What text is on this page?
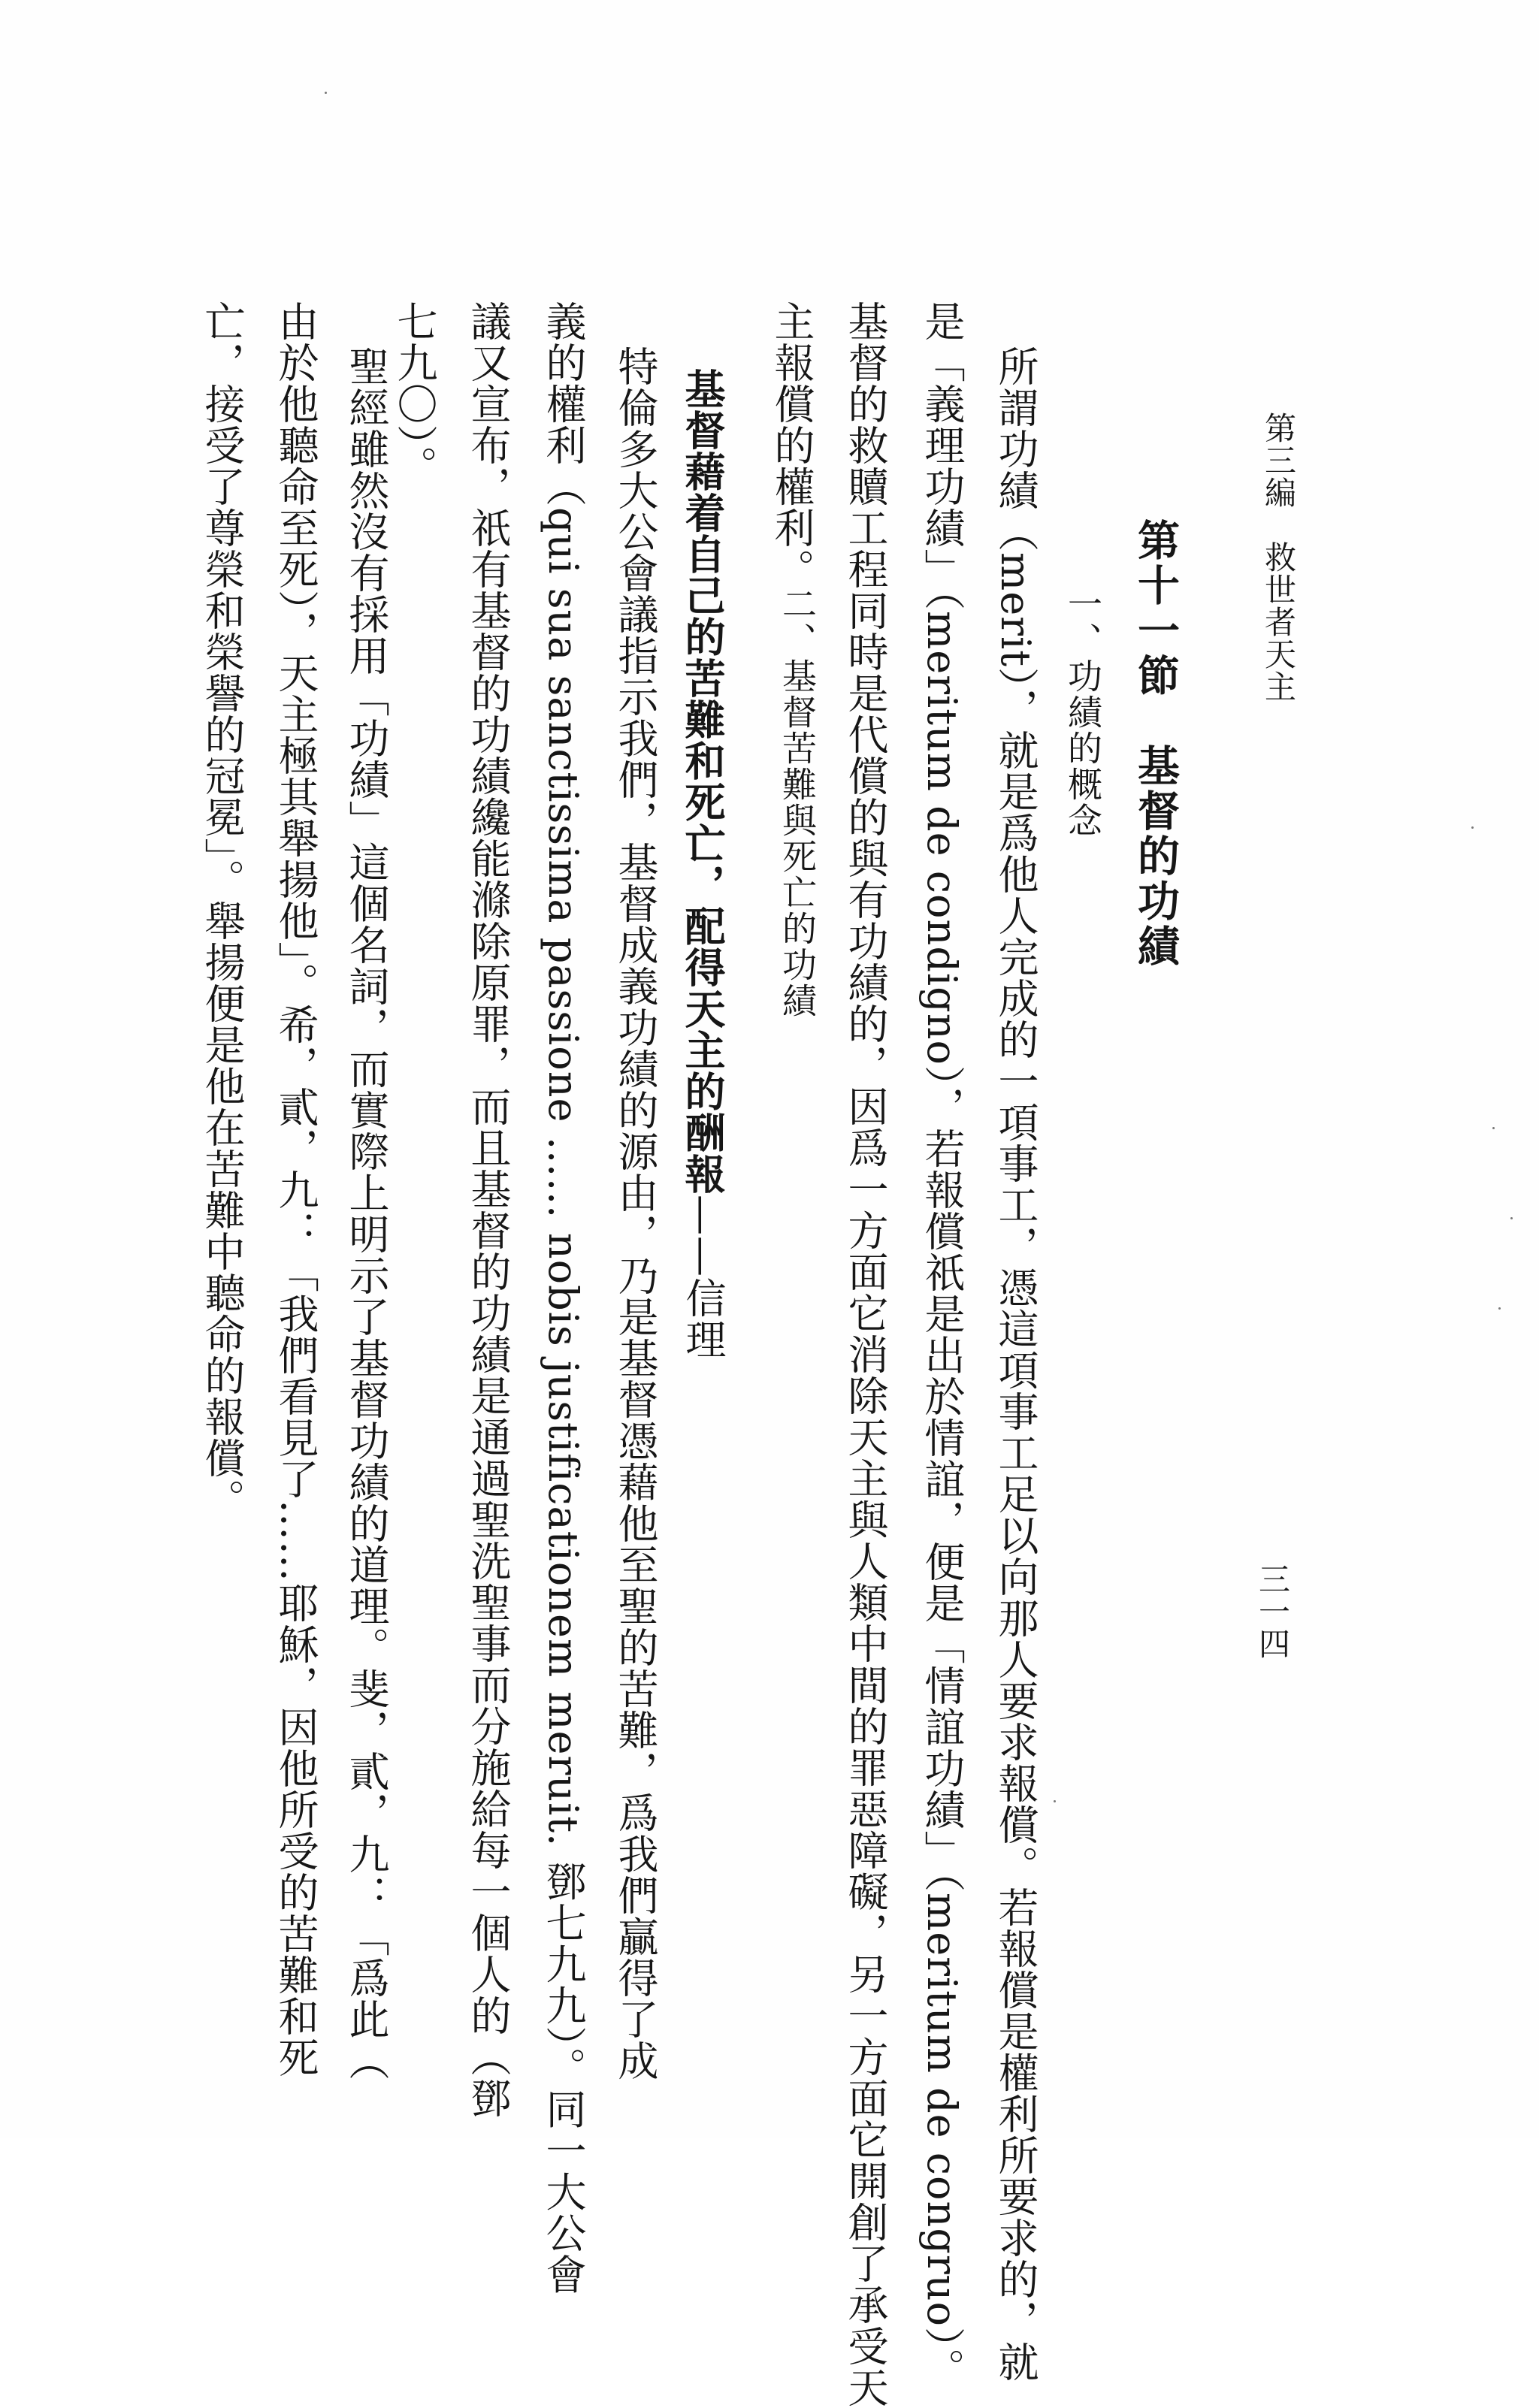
第三編　救世者天主
三一四
第十一節　基督的功績
一、功績的概念
所謂功績（merit），就是爲他人完成的一項事工，憑這項事工足以向那人要求報償。若報償是權利所要求的，就
是「義理功績」（meritum de condigno），若報償祇是出於情誼，便是「情誼功績」（meritum de congruo）。
基督的救贖工程同時是代償的與有功績的，因爲一方面它消除天主與人類中間的罪惡障礙，另一方面它開創了承受天
主報償的權利。
二、基督苦難與死亡的功績
基督藉着自己的苦難和死亡，配得天主的酬報——信理
特倫多大公會議指示我們，基督成義功績的源由，乃是基督憑藉他至聖的苦難，爲我們贏得了成
義的權利（qui sua sanctissima passione …… nobis justificationem meruit. 鄧七九九）。同一大公會
議又宣布，祇有基督的功績纔能滌除原罪，而且基督的功績是通過聖洗聖事而分施給每一個人的（鄧
七九〇）。
聖經雖然沒有採用「功績」這個名詞，而實際上明示了基督功績的道理。斐，貳，九：「爲此（
由於他聽命至死），天主極其舉揚他」。希，貳，九：「我們看見了……耶穌，因他所受的苦難和死
亡，接受了尊榮和榮譽的冠冕」。舉揚便是他在苦難中聽命的報償。
